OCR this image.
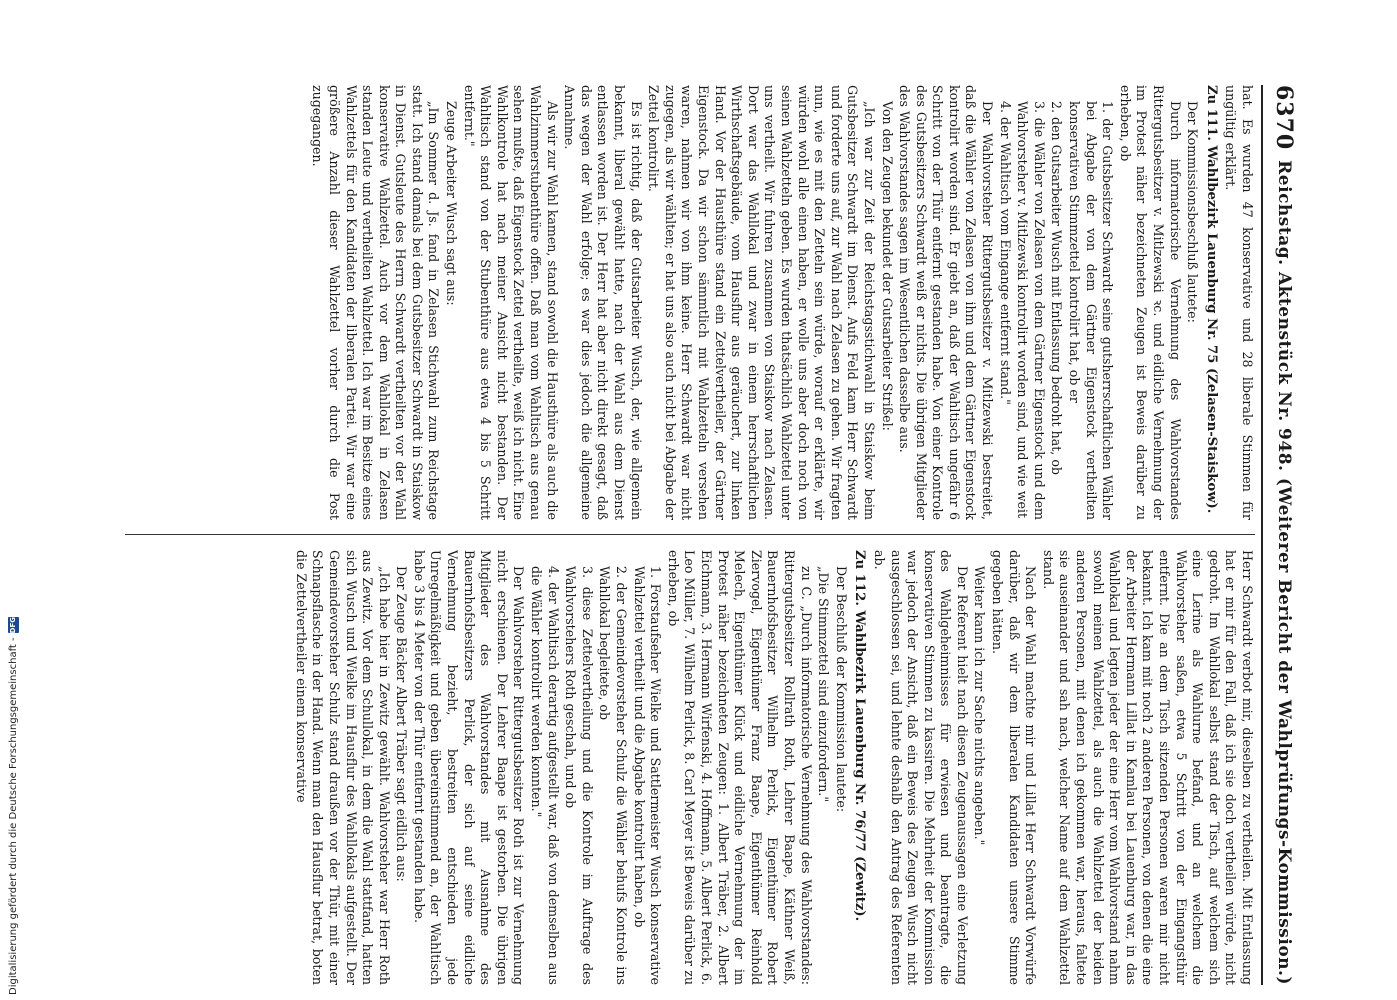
6370
Reichstag. Aktenstück Nr. 948. (Weiterer Bericht der Wahlprüfungs-Kommission.)

hat. Es wurden 47 konservative und 28 liberale Stimmen für ungültig erklärt.

Zu 111. Wahlbezirk Lauenburg Nr. 75 (Zelasen-Staiskow).

Der Kommissionsbeschluß lautete:

Durch informatorische Vernehmung des Wahlvorstandes Rittergutsbesitzer v. Mitlzewski ꝛc. und eidliche Vernehmung der im Protest näher bezeichneten Zeugen ist Beweis darüber zu erheben, ob

1. der Gutsbesitzer Schwardt seine gutsherrschaftlichen Wähler bei Abgabe der von dem Gärtner Eigenstock vertheilten konservativen Stimmzettel kontrolirt hat, ob er

2. den Gutsarbeiter Wusch mit Entlassung bedroht hat, ob

3. die Wähler von Zelasen von dem Gärtner Eigenstock und dem Wahlvorsteher v. Mitlzewski kontrolirt worden sind, und wie weit

4. der Wahltisch vom Eingange entfernt stand."

Der Wahlvorsteher Rittergutsbesitzer v. Mitlzewski bestreitet, daß die Wähler von Zelasen von ihm und dem Gärtner Eigenstock kontrolirt worden sind. Er giebt an, daß der Wahltisch ungefähr 6 Schritt von der Thür entfernt gestanden habe. Von einer Kontrole des Gutsbesitzers Schwardt weiß er nichts. Die übrigen Mitglieder des Wahlvorstandes sagen im Wesentlichen dasselbe aus.

Von den Zeugen bekundet der Gutsarbeiter Strißel:

„Ich war zur Zeit der Reichstagsstichwahl in Staiskow beim Gutsbesitzer Schwardt im Dienst. Aufs Feld kam Herr Schwardt und forderte uns auf, zur Wahl nach Zelasen zu gehen. Wir fragten nun, wie es mit den Zetteln sein würde, worauf er erklärte, wir würden wohl alle einen haben, er wolle uns aber doch noch von seinen Wahlzetteln geben. Es wurden thatsächlich Wahlzettel unter uns vertheilt. Wir fuhren zusammen von Staiskow nach Zelasen. Dort war das Wahllokal und zwar in einem herrschaftlichen Wirthschaftsgebäude, vom Hausflur aus geräuchert, zur linken Hand. Vor der Hausthüre stand ein Zettelvertheiler, der Gärtner Eigenstock. Da wir schon sämmtlich mit Wahlzetteln versehen waren, nahmen wir von ihm keine. Herr Schwardt war nicht zugegen, als wir wählten; er hat uns also auch nicht bei Abgabe der Zettel kontrolirt.

Es ist richtig, daß der Gutsarbeiter Wusch, der, wie allgemein bekannt, liberal gewählt hatte, nach der Wahl aus dem Dienst entlassen worden ist. Der Herr hat aber nicht direkt gesagt, daß das wegen der Wahl erfolge; es war dies jedoch die allgemeine Annahme.

Als wir zur Wahl kamen, stand sowohl die Hausthüre als auch die Wahlzimmerstubenthüre offen. Daß man vom Wahltisch aus genau sehen mußte, daß Eigenstock Zettel vertheilte, weiß ich nicht. Eine Wahlkontrole hat nach meiner Ansicht nicht bestanden. Der Wahltisch stand von der Stubenthüre aus etwa 4 bis 5 Schritt entfernt."

Zeuge Arbeiter Wusch sagt aus:

„Im Sommer d. Js. fand in Zelasen Stichwahl zum Reichstage statt. Ich stand damals bei dem Gutsbesitzer Schwardt in Staiskow in Dienst. Gutsleute des Herrn Schwardt vertheilten vor der Wahl konservative Wahlzettel. Auch vor dem Wahllokal in Zelasen standen Leute und vertheilten Wahlzettel. Ich war im Besitze eines Wahlzettels für den Kandidaten der liberalen Partei. Wir war eine größere Anzahl dieser Wahlzettel vorher durch die Post zugegangen.

Herr Schwardt verbot mir, dieselben zu vertheilen. Mit Entlassung hat er mir für den Fall, daß ich sie doch vertheilen würde, nicht gedroht. Im Wahllokal selbst stand der Tisch, auf welchem sich eine Lerine als Wahlurne befand, und an welchem die Wahlvorsteher saßen, etwa 5 Schritt von der Eingangsthür entfernt. Die an dem Tisch sitzenden Personen waren mir nicht bekannt. Ich kam mit noch 2 anderen Personen, von denen die eine der Arbeiter Hermann Lillat in Kamlau bei Lauenburg war, in das Wahllokal und legten jeder der eine Herr vom Wahlvorstand nahm sowohl meinen Wahlzettel, als auch die Wahlzettel der beiden anderen Personen, mit denen ich gekommen war, heraus, faltete sie auseinander und sah nach, welcher Name auf dem Wahlzettel stand.

Nach der Wahl machte mir und Lillat Herr Schwardt Vorwürfe darüber, daß wir dem liberalen Kandidaten unsere Stimme gegeben hätten.

Weiter kann ich zur Sache nichts angeben."

Der Referent hielt nach diesen Zeugenaussagen eine Verletzung des Wahlgeheimnisses für erwiesen und beantragte, die konservativen Stimmen zu kassiren. Die Mehrheit der Kommission war jedoch der Ansicht, daß ein Beweis des Zeugen Wusch nicht ausgeschlossen sei, und lehnte deshalb den Antrag des Referenten ab.

Zu 112. Wahlbezirk Lauenburg Nr. 76/77 (Zewitz).

Der Beschluß der Kommission lautete:

„Die Stimmzettel sind einzufordern."

zu C. „Durch informatorische Vernehmung des Wahlvorstandes: Rittergutsbesitzer Rollrath Roth, Lehrer Baape, Käthner Weiß, Bauernhofsbesitzer Wilhelm Perlick, Eigenthümer Robert Ziervogel, Eigenthümer Franz Baape, Eigenthümer Reinhold Melech, Eigenthümer Klück und eidliche Vernehmung der im Protest näher bezeichneten Zeugen: 1. Albert Träber, 2. Albert Eichmann, 3. Hermann Wirfenski, 4. Hoffmann, 5. Albert Perlick, 6. Leo Müller, 7. Wilhelm Perlick, 8. Carl Meyer ist Beweis darüber zu erheben, ob

1. Forstaufseher Wielke und Sattlermeister Wusch konservative Wahlzettel vertheilt und die Abgabe kontrolirt haben, ob

2. der Gemeindevorsteher Schulz die Wähler behufs Kontrole ins Wahllokal begleitete, ob

3. diese Zettelvertheilung und die Kontrole im Auftrage des Wahlvorstehers Roth geschah, und ob

4. der Wahltisch derartig aufgestellt war, daß von demselben aus die Wähler kontrolirt werden konnten."

Der Wahlvorsteher Rittergutsbesitzer Roth ist zur Vernehmung nicht erschienen. Der Lehrer Baape ist gestorben. Die übrigen Mitglieder des Wahlvorstandes mit Ausnahme des Bauernhofsbesitzers Perlick, der sich auf seine eidliche Vernehmung bezieht, bestreiten entschieden jede Unregelmäßigkeit und geben übereinstimmend an, der Wahltisch habe 3 bis 4 Meter von der Thür entfernt gestanden habe.

Der Zeuge Bäcker Albert Träber sagt eidlich aus:

„Ich habe hier in Zewitz gewählt. Wahlvorsteher war Herr Roth aus Zewitz. Vor dem Schullokal, in dem die Wahl stattfand, hatten sich Wusch und Wielke im Hausflur des Wahllokals aufgestellt. Der Gemeindevorsteher Schulz stand draußen vor der Thür, mit einer Schnapsflasche in der Hand. Wenn man den Hausflur betrat, boten die Zettelvertheiler einem konservative

Digitalisierung gefördert durch die Deutsche Forschungsgemeinschaft -
DFG
